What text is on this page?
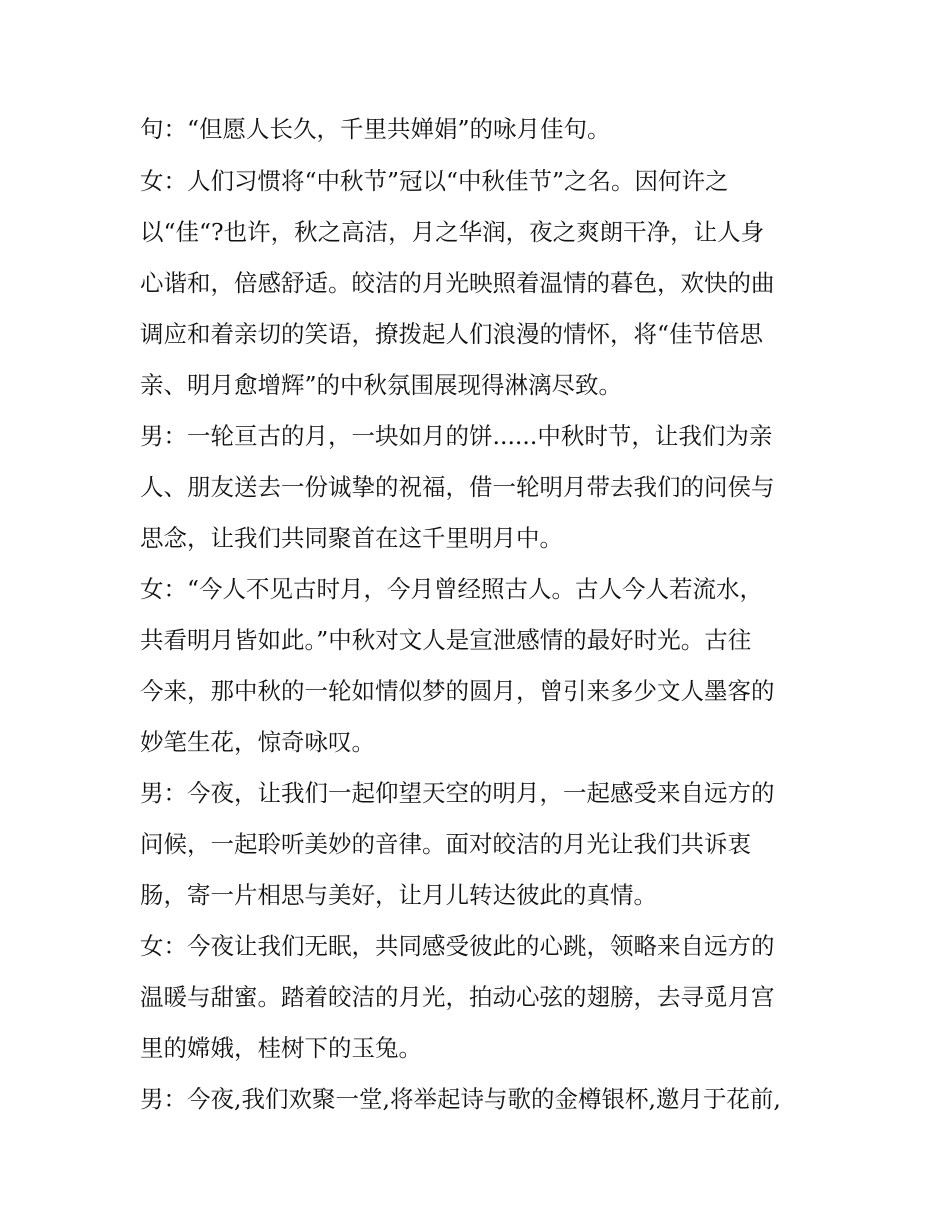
句：“但愿人长久，千里共婵娟”的咏月佳句。
女：人们习惯将“中秋节”冠以“中秋佳节”之名。因何许之
以“佳“?也许，秋之高洁，月之华润，夜之爽朗干净，让人身
心谐和，倍感舒适。皎洁的月光映照着温情的暮色，欢快的曲
调应和着亲切的笑语，撩拨起人们浪漫的情怀，将“佳节倍思
亲、明月愈增辉”的中秋氛围展现得淋漓尽致。
男：一轮亘古的月，一块如月的饼......中秋时节，让我们为亲
人、朋友送去一份诚挚的祝福，借一轮明月带去我们的问侯与
思念，让我们共同聚首在这千里明月中。
女：“今人不见古时月，今月曾经照古人。古人今人若流水，
共看明月皆如此。”中秋对文人是宣泄感情的最好时光。古往
今来，那中秋的一轮如情似梦的圆月，曾引来多少文人墨客的
妙笔生花，惊奇咏叹。
男：今夜，让我们一起仰望天空的明月，一起感受来自远方的
问候，一起聆听美妙的音律。面对皎洁的月光让我们共诉衷
肠，寄一片相思与美好，让月儿转达彼此的真情。
女：今夜让我们无眠，共同感受彼此的心跳，领略来自远方的
温暖与甜蜜。踏着皎洁的月光，拍动心弦的翅膀，去寻觅月宫
里的嫦娥，桂树下的玉兔。
男：今夜,我们欢聚一堂,将举起诗与歌的金樽银杯,邀月于花前,
